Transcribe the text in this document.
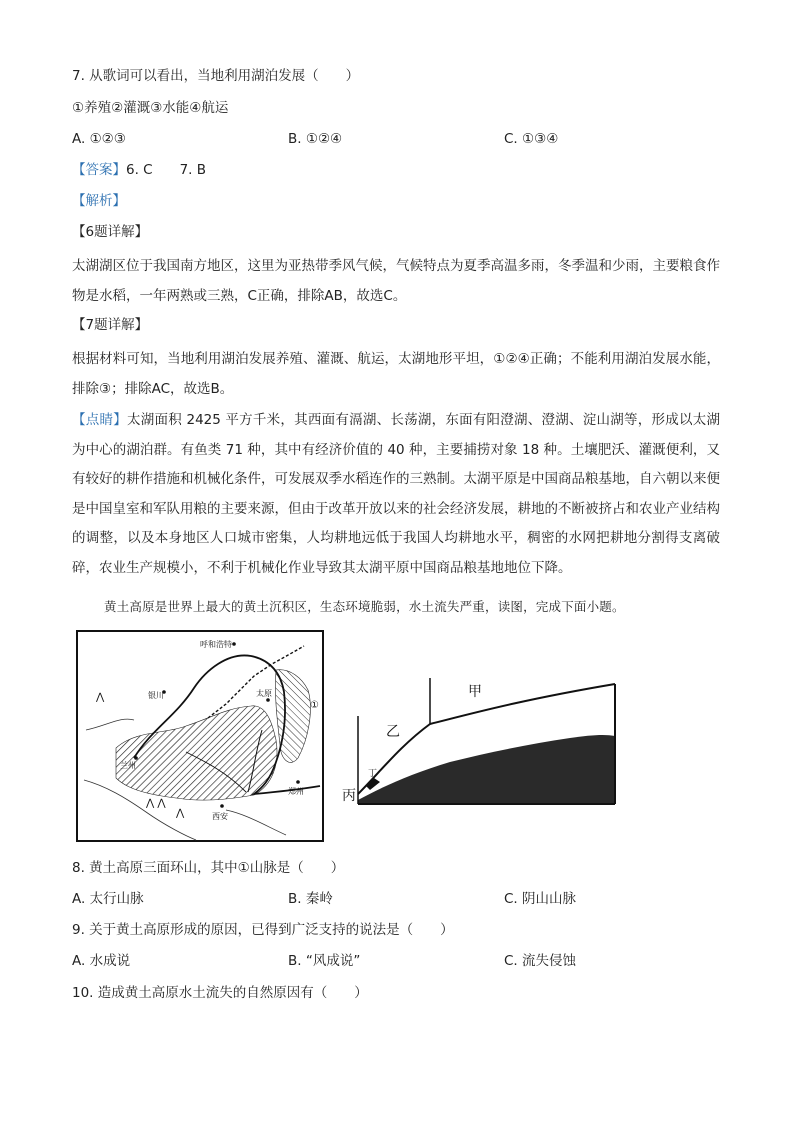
7. 从歌词可以看出，当地利用湖泊发展（　　）
①养殖②灌溉③水能④航运
A. ①②③	B. ①②④	C. ①③④
【答案】6. C　　7. B
【解析】
【6题详解】
太湖湖区位于我国南方地区，这里为亚热带季风气候，气候特点为夏季高温多雨，冬季温和少雨，主要粮食作物是水稻，一年两熟或三熟，C正确，排除AB，故选C。
【7题详解】
根据材料可知，当地利用湖泊发展养殖、灌溉、航运，太湖地形平坦，①②④正确；不能利用湖泊发展水能，排除③；排除AC，故选B。
【点睛】太湖面积 2425 平方千米，其西面有滆湖、长荡湖，东面有阳澄湖、澄湖、淀山湖等，形成以太湖为中心的湖泊群。有鱼类 71 种，其中有经济价值的 40 种，主要捕捞对象 18 种。土壤肥沃、灌溉便利，又有较好的耕作措施和机械化条件，可发展双季水稻连作的三熟制。太湖平原是中国商品粮基地，自六朝以来便是中国皇室和军队用粮的主要来源，但由于改革开放以来的社会经济发展，耕地的不断被挤占和农业产业结构的调整，以及本身地区人口城市密集，人均耕地远低于我国人均耕地水平，稠密的水网把耕地分割得支离破碎，农业生产规模小，不利于机械化作业导致其太湖平原中国商品粮基地地位下降。
黄土高原是世界上最大的黄土沉积区，生态环境脆弱，水土流失严重，读图，完成下面小题。
⋀ ⋀
⋀
⋀
呼和浩特
银川	太原
兰州
西安
郑州
①
甲
乙
丙
丁
8. 黄土高原三面环山，其中①山脉是（　　）
A. 太行山脉	B. 秦岭	C. 阴山山脉
9. 关于黄土高原形成的原因，已得到广泛支持的说法是（　　）
A. 水成说	B. “风成说”	C. 流失侵蚀
10. 造成黄土高原水土流失的自然原因有（　　）
